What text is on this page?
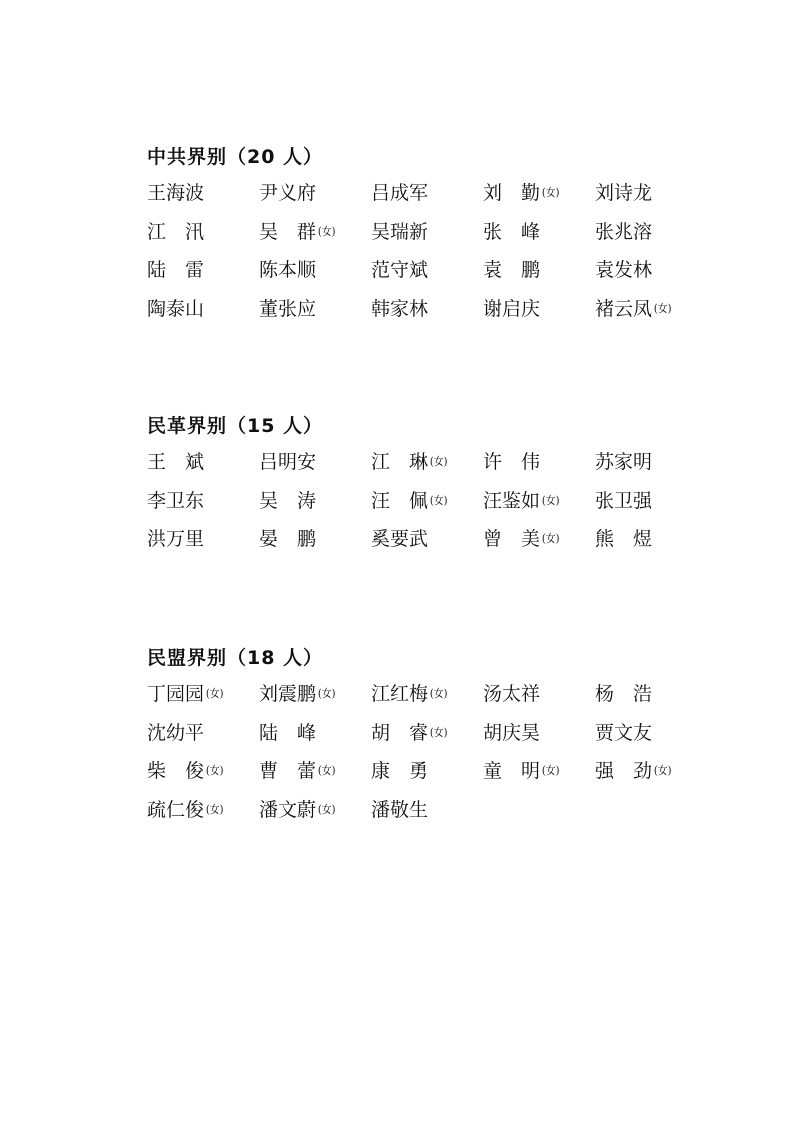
中共界别（20 人）
王海波	尹义府	吕成军	刘　勤 (女)	刘诗龙
江　汛	吴　群 (女)	吴瑞新	张　峰	张兆溶
陆　雷	陈本顺	范守斌	袁　鹏	袁发林
陶泰山	董张应	韩家林	谢启庆	褚云凤 (女)
民革界别（15 人）
王　斌	吕明安	江　琳 (女)	许　伟	苏家明
李卫东	吴　涛	汪　佩 (女)	汪鉴如 (女)	张卫强
洪万里	晏　鹏	奚要武	曾　美 (女)	熊　煜
民盟界别（18 人）
丁园园 (女)	刘震鹏 (女)	江红梅 (女)	汤太祥	杨　浩
沈幼平	陆　峰	胡　睿 (女)	胡庆昊	贾文友
柴　俊 (女)	曹　蕾 (女)	康　勇	童　明 (女)	强　劲 (女)
疏仁俊 (女)	潘文蔚 (女)	潘敬生
